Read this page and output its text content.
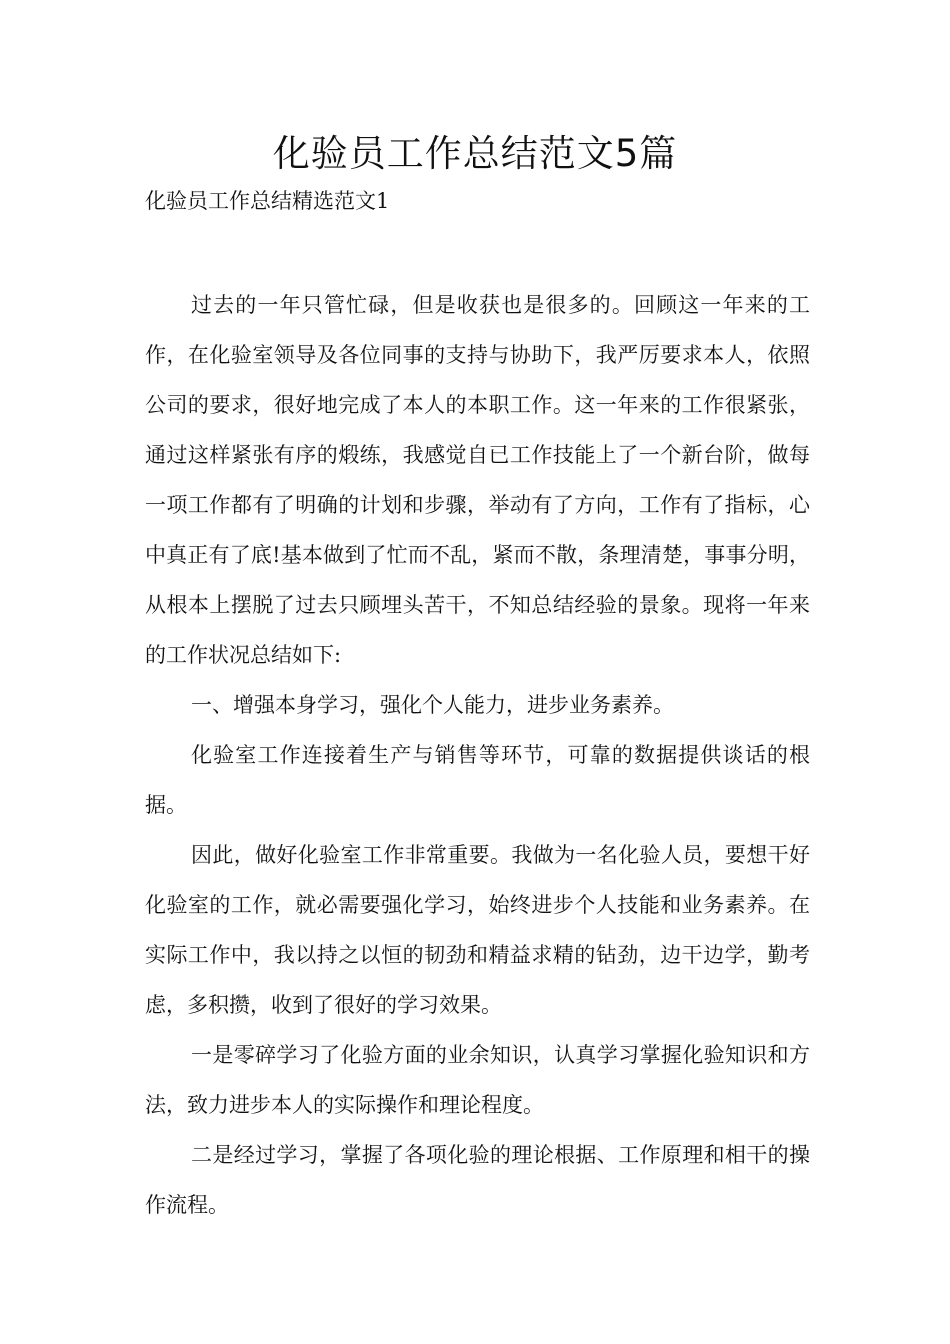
化验员工作总结范文5篇
化验员工作总结精选范文1

过去的一年只管忙碌，但是收获也是很多的。回顾这一年来的工作，在化验室领导及各位同事的支持与协助下，我严厉要求本人，依照公司的要求，很好地完成了本人的本职工作。这一年来的工作很紧张，通过这样紧张有序的煅练，我感觉自已工作技能上了一个新台阶，做每一项工作都有了明确的计划和步骤，举动有了方向，工作有了指标，心中真正有了底!基本做到了忙而不乱，紧而不散，条理清楚，事事分明，从根本上摆脱了过去只顾埋头苦干，不知总结经验的景象。现将一年来的工作状况总结如下:

一、增强本身学习，强化个人能力，进步业务素养。

化验室工作连接着生产与销售等环节，可靠的数据提供谈话的根据。

因此，做好化验室工作非常重要。我做为一名化验人员，要想干好化验室的工作，就必需要强化学习，始终进步个人技能和业务素养。在实际工作中，我以持之以恒的韧劲和精益求精的钻劲，边干边学，勤考虑，多积攒，收到了很好的学习效果。

一是零碎学习了化验方面的业余知识，认真学习掌握化验知识和方法，致力进步本人的实际操作和理论程度。

二是经过学习，掌握了各项化验的理论根据、工作原理和相干的操作流程。
